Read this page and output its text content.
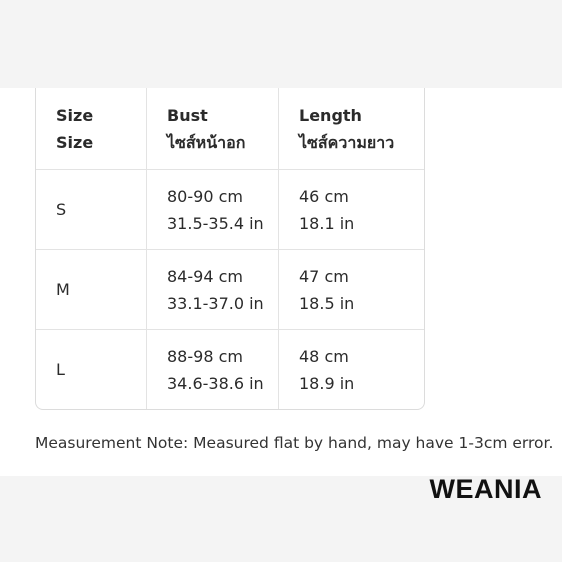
Size
Size
Bust
ไซส์หน้าอก
Length
ไซส์ความยาว
S
80-90 cm
31.5-35.4 in
46 cm
18.1 in
M
84-94 cm
33.1-37.0 in
47 cm
18.5 in
L
88-98 cm
34.6-38.6 in
48 cm
18.9 in
Measurement Note: Measured flat by hand, may have 1-3cm error.
WEANIA
